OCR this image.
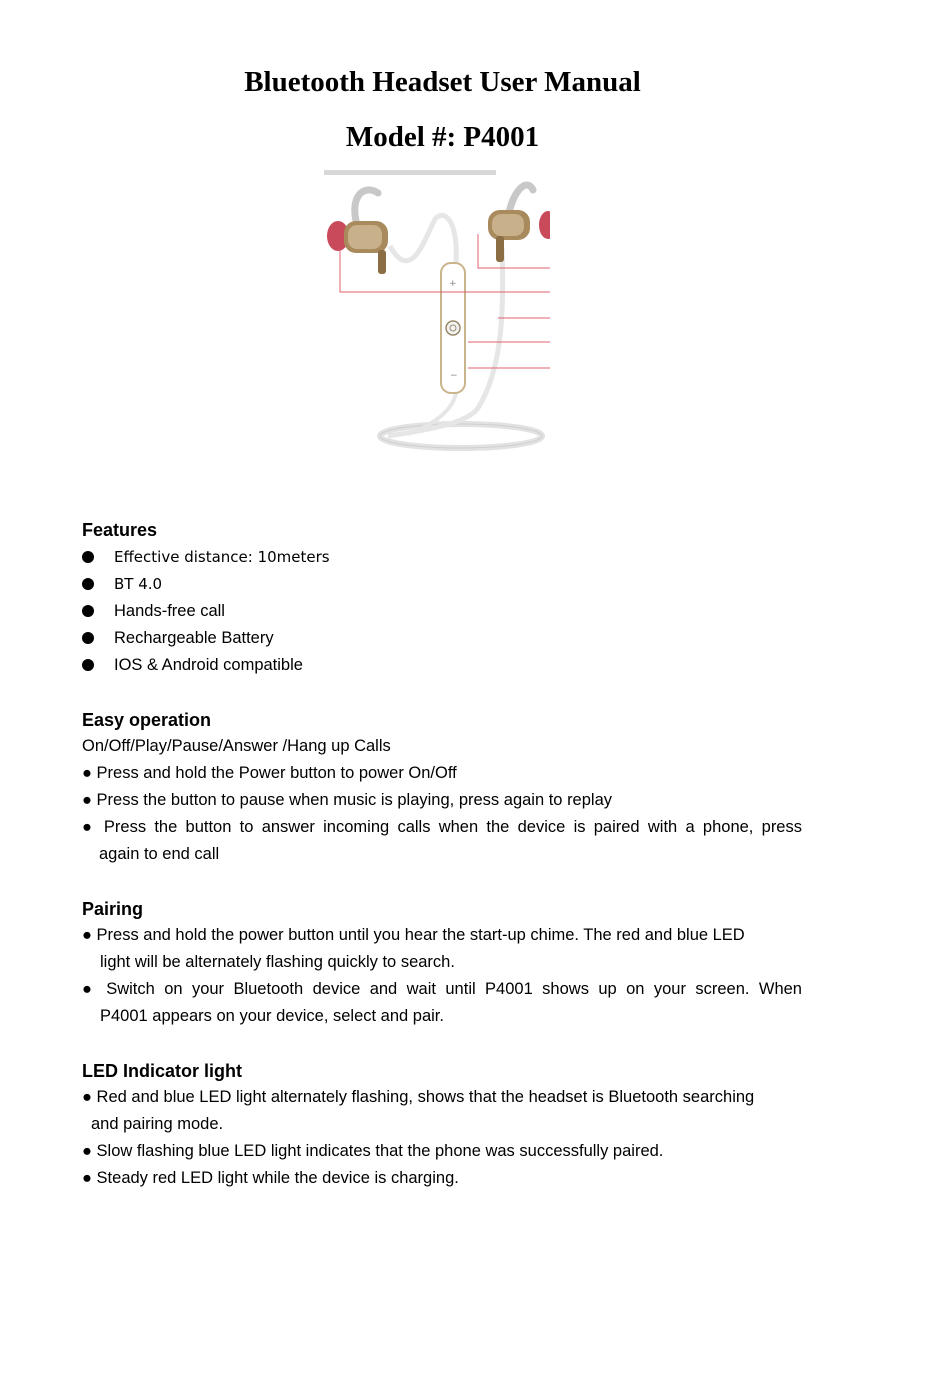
Bluetooth Headset User Manual
Model #: P4001
+
−
Features

Effective distance: 10meters

BT 4.0

Hands-free call

Rechargeable Battery

IOS & Android compatible

Easy operation

On/Off/Play/Pause/Answer /Hang up Calls

● Press and hold the Power button to power On/Off

● Press the button to pause when music is playing, press again to replay

● Press the button to answer incoming calls when the device is paired with a phone, press

again to end call

Pairing

● Press and hold the power button until you hear the start-up chime. The red and blue LED

light will be alternately flashing quickly to search.

● Switch on your Bluetooth device and wait until P4001 shows up on your screen. When

P4001 appears on your device, select and pair.

LED Indicator light

● Red and blue LED light alternately flashing, shows that the headset is Bluetooth searching

and pairing mode.

● Slow flashing blue LED light indicates that the phone was successfully paired.

● Steady red LED light while the device is charging.
